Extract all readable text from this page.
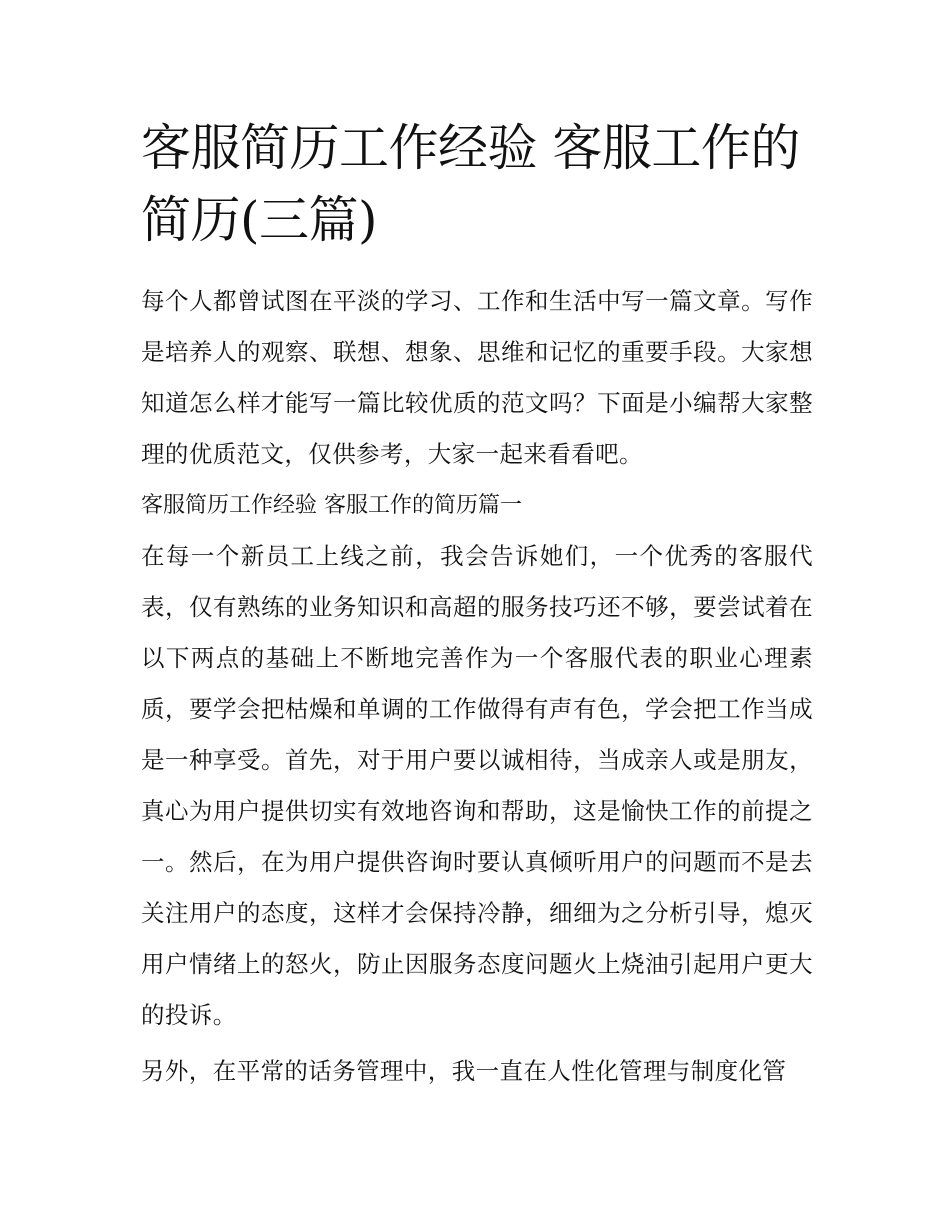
客服简历工作经验 客服工作的简历(三篇)

每个人都曾试图在平淡的学习、工作和生活中写一篇文章。写作是培养人的观察、联想、想象、思维和记忆的重要手段。大家想知道怎么样才能写一篇比较优质的范文吗？下面是小编帮大家整理的优质范文，仅供参考，大家一起来看看吧。

客服简历工作经验 客服工作的简历篇一

在每一个新员工上线之前，我会告诉她们，一个优秀的客服代表，仅有熟练的业务知识和高超的服务技巧还不够，要尝试着在以下两点的基础上不断地完善作为一个客服代表的职业心理素质，要学会把枯燥和单调的工作做得有声有色，学会把工作当成是一种享受。首先，对于用户要以诚相待，当成亲人或是朋友，真心为用户提供切实有效地咨询和帮助，这是愉快工作的前提之一。然后，在为用户提供咨询时要认真倾听用户的问题而不是去关注用户的态度，这样才会保持冷静，细细为之分析引导，熄灭用户情绪上的怒火，防止因服务态度问题火上烧油引起用户更大的投诉。

另外，在平常的话务管理中，我一直在人性化管理与制度化管
